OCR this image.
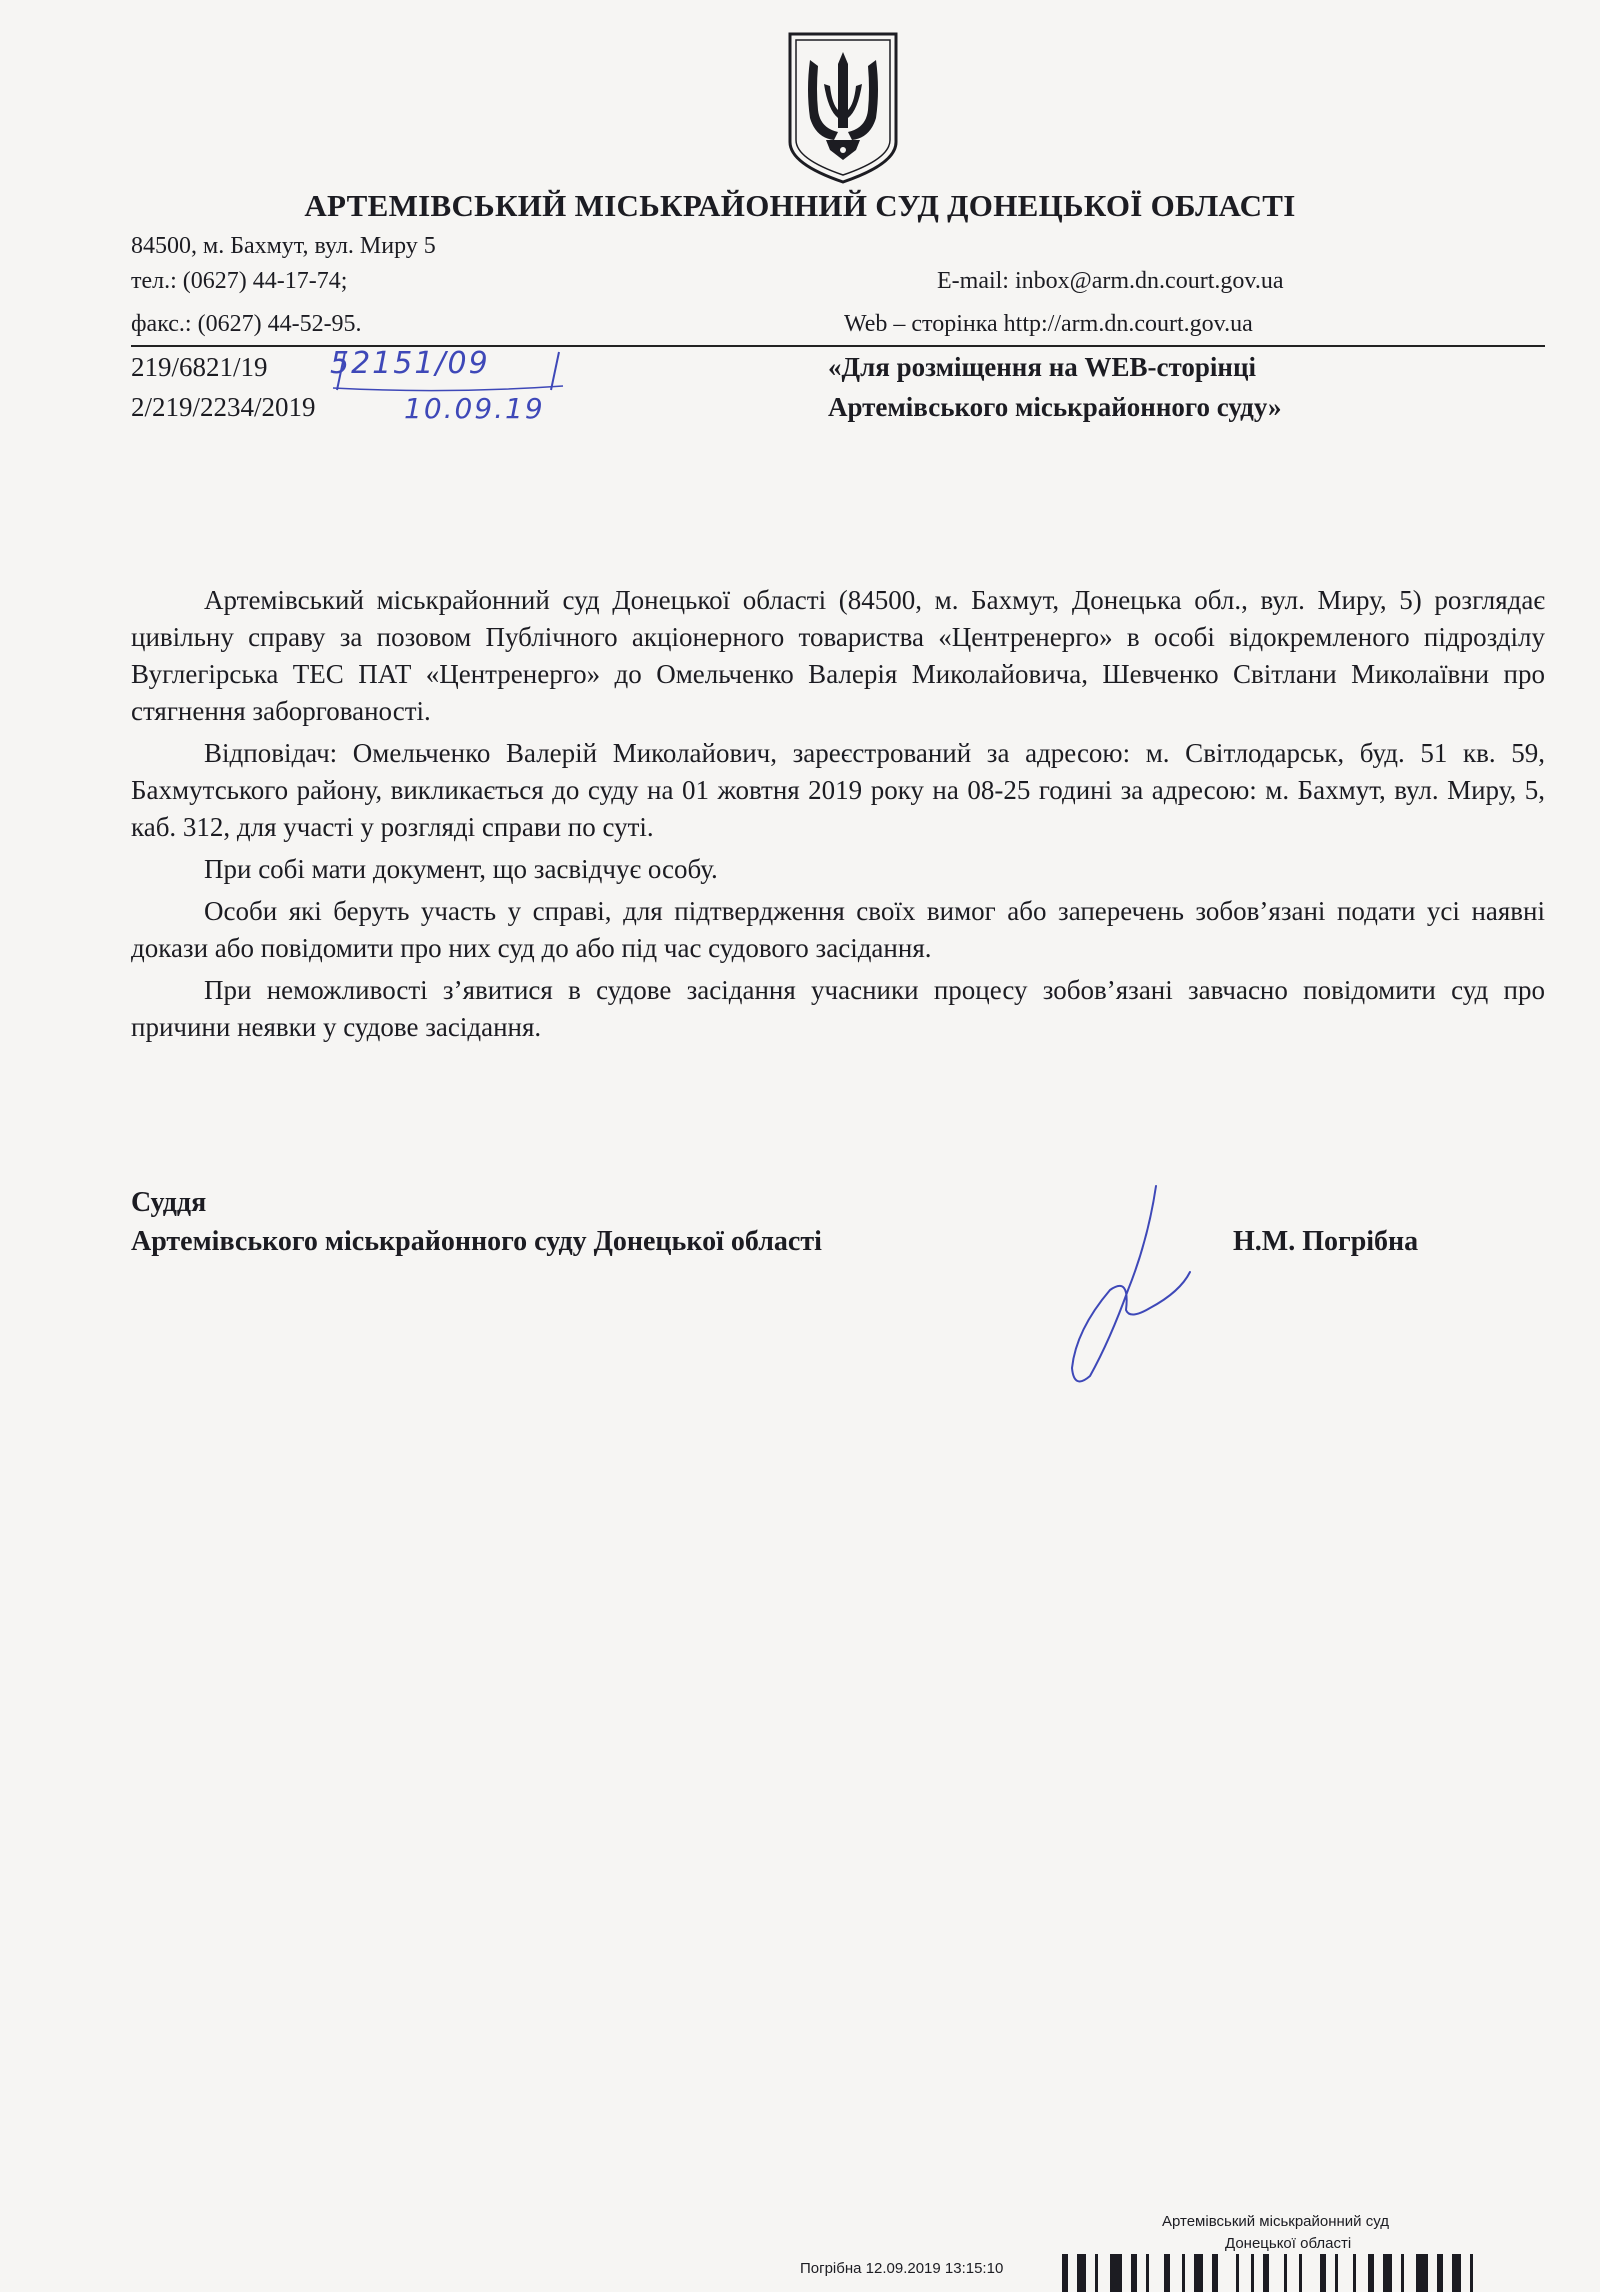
АРТЕМІВСЬКИЙ МІСЬКРАЙОННИЙ СУД ДОНЕЦЬКОЇ ОБЛАСТІ
84500, м. Бахмут, вул. Миру 5
тел.: (0627) 44-17-74;
факс.: (0627) 44-52-95.
E-mail: inbox@arm.dn.court.gov.ua
Web – сторінка http://arm.dn.court.gov.ua
219/6821/19
2/219/2234/2019
52151/09
10.09.19
«Для розміщення на WEB-сторінці
Артемівського міськрайонного суду»

Артемівський міськрайонний суд Донецької області (84500, м. Бахмут, Донецька обл., вул. Миру, 5) розглядає цивільну справу за позовом Публічного акціонерного товариства «Центренерго» в особі відокремленого підрозділу Вуглегірська ТЕС ПАТ «Центренерго» до Омельченко Валерія Миколайовича, Шевченко Світлани Миколаївни про стягнення заборгованості.

Відповідач: Омельченко Валерій Миколайович, зареєстрований за адресою: м. Світлодарськ, буд. 51 кв. 59, Бахмутського району, викликається до суду на 01 жовтня 2019 року на 08-25 годині за адресою: м. Бахмут, вул. Миру, 5, каб. 312, для участі у розгляді справи по суті.

При собі мати документ, що засвідчує особу.

Особи які беруть участь у справі, для підтвердження своїх вимог або заперечень зобов’язані подати усі наявні докази або повідомити про них суд до або під час судового засідання.

При неможливості з’явитися в судове засідання учасники процесу зобов’язані завчасно повідомити суд про причини неявки у судове засідання.

Суддя
Артемівського міськрайонного суду Донецької області	Н.М. Погрібна
Артемівський міськрайонний суд
Донецької області
Погрібна 12.09.2019 13:15:10
